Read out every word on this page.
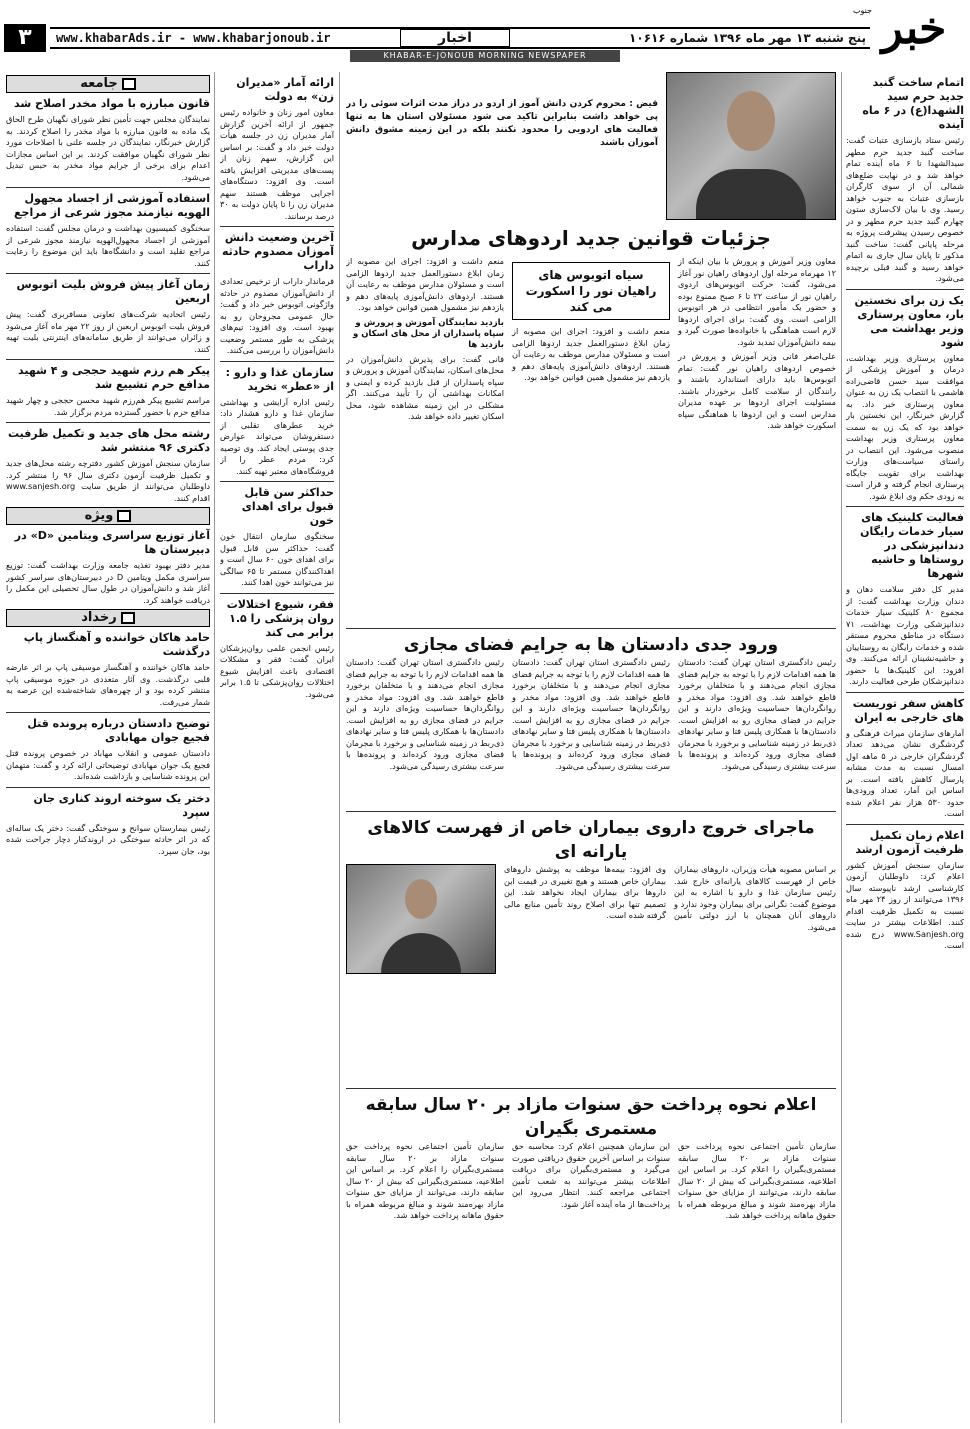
خبر
جنوب
پنج شنبه ۱۳ مهر ماه ۱۳۹۶ شماره ۱۰۶۱۶
اخبار
www.khabarAds.ir - www.khabarjonoub.ir
۳
KHABAR-E-JONOUB MORNING NEWSPAPER
اتمام ساخت گنبد جدید حرم سید الشهدا(ع) در ۶ ماه آینده
رئیس ستاد بازسازی عتبات گفت: ساخت گنبد جدید حرم مطهر سیدالشهدا تا ۶ ماه آینده تمام خواهد شد و در نهایت ضلع‌های شمالی آن از سوی کارگران بازسازی عتبات به جنوب خواهد رسید. وی با بیان لاک‌سازی ستون چهارم گنبد جدید حرم مطهر و در خصوص رسیدن پیشرفت پروژه به مرحله پایانی گفت: ساخت گنبد مذکور تا پایان سال جاری به اتمام خواهد رسید و گنبد قبلی برچیده می‌شود.
یک زن برای نخستین بار، معاون پرستاری وزیر بهداشت می شود
معاون پرستاری وزیر بهداشت، درمان و آموزش پزشکی از موافقت سید حسن قاضی‌زاده هاشمی با انتصاب یک زن به عنوان معاون پرستاری خبر داد. به گزارش خبرنگار، این نخستین بار خواهد بود که یک زن به سمت معاون پرستاری وزیر بهداشت منصوب می‌شود. این انتصاب در راستای سیاست‌های وزارت بهداشت برای تقویت جایگاه پرستاری انجام گرفته و قرار است به زودی حکم وی ابلاغ شود.
فعالیت کلینیک های سیار خدمات رایگان دندانپزشکی در روستاها و حاشیه شهرها
مدیر کل دفتر سلامت دهان و دندان وزارت بهداشت گفت: از مجموع ۸۰ کلینیک سیار خدمات دندانپزشکی وزارت بهداشت، ۷۱ دستگاه در مناطق محروم مستقر شده و خدمات رایگان به روستاییان و حاشیه‌نشینان ارائه می‌کنند. وی افزود: این کلینیک‌ها با حضور دندانپزشکان طرحی فعالیت دارند.
کاهش سفر توریست های خارجی به ایران
آمارهای سازمان میراث فرهنگی و گردشگری نشان می‌دهد تعداد گردشگران خارجی در ۵ ماهه اول امسال نسبت به مدت مشابه پارسال کاهش یافته است. بر اساس این آمار، تعداد ورودی‌ها حدود ۵۳۰ هزار نفر اعلام شده است.
اعلام زمان تکمیل ظرفیت آزمون ارشد
سازمان سنجش آموزش کشور اعلام کرد: داوطلبان آزمون کارشناسی ارشد ناپیوسته سال ۱۳۹۶ می‌توانند از روز ۲۴ مهر ماه نسبت به تکمیل ظرفیت اقدام کنند. اطلاعات بیشتر در سایت www.Sanjesh.org درج شده است.
قیض : محروم کردن دانش آموز از اردو در دراز مدت اثرات سوئی را در پی خواهد داشت بنابراین تاکید می شود مسئولان استان ها به تنها فعالیت های اردویی را محدود نکنند بلکه در این زمینه مشوق دانش آموزان باشند
جزئیات قوانین جدید اردوهای مدارس
معاون وزیر آموزش و پرورش با بیان اینکه از ۱۲ مهرماه مرحله اول اردوهای راهیان نور آغاز می‌شود، گفت: حرکت اتوبوس‌های اردوی راهیان نور از ساعت ۲۲ تا ۶ صبح ممنوع بوده و حضور یک مأمور انتظامی در هر اتوبوس الزامی است. وی گفت: برای اجرای اردوها لازم است هماهنگی با خانواده‌ها صورت گیرد و بیمه دانش‌آموزان تمدید شود.
علی‌اصغر فانی وزیر آموزش و پرورش در خصوص اردوهای راهیان نور گفت: تمام اتوبوس‌ها باید دارای استاندارد باشند و رانندگان از سلامت کامل برخوردار باشند. مسئولیت اجرای اردوها بر عهده مدیران مدارس است و این اردوها با هماهنگی سپاه اسکورت خواهد شد.
سیاه اتوبوس های راهیان نور را اسکورت می کند
منعم داشت و افزود: اجرای این مصوبه از زمان ابلاغ دستورالعمل جدید اردوها الزامی است و مسئولان مدارس موظف به رعایت آن هستند. اردوهای دانش‌آموزی پایه‌های دهم و یازدهم نیز مشمول همین قوانین خواهد بود.
منعم داشت و افزود: اجرای این مصوبه از زمان ابلاغ دستورالعمل جدید اردوها الزامی است و مسئولان مدارس موظف به رعایت آن هستند. اردوهای دانش‌آموزی پایه‌های دهم و یازدهم نیز مشمول همین قوانین خواهد بود.
بازدید نمایندگان آموزش و پرورش و سپاه پاسداران از محل های اسکان و بازدید ها
فانی گفت: برای پذیرش دانش‌آموزان در محل‌های اسکان، نمایندگان آموزش و پرورش و سپاه پاسداران از قبل بازدید کرده و ایمنی و امکانات بهداشتی آن را تأیید می‌کنند. اگر مشکلی در این زمینه مشاهده شود، محل اسکان تغییر داده خواهد شد.
ورود جدی دادستان ها به جرایم فضای مجازی
رئیس دادگستری استان تهران گفت: دادستان ها همه اقدامات لازم را با توجه به جرایم فضای مجازی انجام می‌دهند و با متخلفان برخورد قاطع خواهند شد. وی افزود: مواد مخدر و روانگردان‌ها حساسیت ویژه‌ای دارند و این جرایم در فضای مجازی رو به افزایش است. دادستان‌ها با همکاری پلیس فتا و سایر نهادهای ذی‌ربط در زمینه شناسایی و برخورد با مجرمان فضای مجازی ورود کرده‌اند و پرونده‌ها با سرعت بیشتری رسیدگی می‌شود.
رئیس دادگستری استان تهران گفت: دادستان ها همه اقدامات لازم را با توجه به جرایم فضای مجازی انجام می‌دهند و با متخلفان برخورد قاطع خواهند شد. وی افزود: مواد مخدر و روانگردان‌ها حساسیت ویژه‌ای دارند و این جرایم در فضای مجازی رو به افزایش است. دادستان‌ها با همکاری پلیس فتا و سایر نهادهای ذی‌ربط در زمینه شناسایی و برخورد با مجرمان فضای مجازی ورود کرده‌اند و پرونده‌ها با سرعت بیشتری رسیدگی می‌شود.
رئیس دادگستری استان تهران گفت: دادستان ها همه اقدامات لازم را با توجه به جرایم فضای مجازی انجام می‌دهند و با متخلفان برخورد قاطع خواهند شد. وی افزود: مواد مخدر و روانگردان‌ها حساسیت ویژه‌ای دارند و این جرایم در فضای مجازی رو به افزایش است. دادستان‌ها با همکاری پلیس فتا و سایر نهادهای ذی‌ربط در زمینه شناسایی و برخورد با مجرمان فضای مجازی ورود کرده‌اند و پرونده‌ها با سرعت بیشتری رسیدگی می‌شود.
ماجرای خروج داروی بیماران خاص از فهرست کالاهای یارانه ای
بر اساس مصوبه هیأت وزیران، داروهای بیماران خاص از فهرست کالاهای یارانه‌ای خارج شد. رئیس سازمان غذا و دارو با اشاره به این موضوع گفت: نگرانی برای بیماران وجود ندارد و داروهای آنان همچنان با ارز دولتی تأمین می‌شود.
وی افزود: بیمه‌ها موظف به پوشش داروهای بیماران خاص هستند و هیچ تغییری در قیمت این داروها برای بیماران ایجاد نخواهد شد. این تصمیم تنها برای اصلاح روند تأمین منابع مالی گرفته شده است.
اعلام نحوه پرداخت حق سنوات مازاد بر ۲۰ سال سابقه مستمری بگیران
سازمان تأمین اجتماعی نحوه پرداخت حق سنوات مازاد بر ۲۰ سال سابقه مستمری‌بگیران را اعلام کرد. بر اساس این اطلاعیه، مستمری‌بگیرانی که بیش از ۲۰ سال سابقه دارند، می‌توانند از مزایای حق سنوات مازاد بهره‌مند شوند و مبالغ مربوطه همراه با حقوق ماهانه پرداخت خواهد شد.
این سازمان همچنین اعلام کرد: محاسبه حق سنوات بر اساس آخرین حقوق دریافتی صورت می‌گیرد و مستمری‌بگیران برای دریافت اطلاعات بیشتر می‌توانند به شعب تأمین اجتماعی مراجعه کنند. انتظار می‌رود این پرداخت‌ها از ماه آینده آغاز شود.
سازمان تأمین اجتماعی نحوه پرداخت حق سنوات مازاد بر ۲۰ سال سابقه مستمری‌بگیران را اعلام کرد. بر اساس این اطلاعیه، مستمری‌بگیرانی که بیش از ۲۰ سال سابقه دارند، می‌توانند از مزایای حق سنوات مازاد بهره‌مند شوند و مبالغ مربوطه همراه با حقوق ماهانه پرداخت خواهد شد.
ارائه آمار «مدیران زن» به دولت
معاون امور زنان و خانواده رئیس جمهور از ارائه آخرین گزارش آمار مدیران زن در جلسه هیأت دولت خبر داد و گفت: بر اساس این گزارش، سهم زنان از پست‌های مدیریتی افزایش یافته است. وی افزود: دستگاه‌های اجرایی موظف هستند سهم مدیران زن را تا پایان دولت به ۳۰ درصد برسانند.
آخرین وضعیت دانش آموزان مصدوم حادثه داراب
فرماندار داراب از ترخیص تعدادی از دانش‌آموزان مصدوم در حادثه واژگونی اتوبوس خبر داد و گفت: حال عمومی مجروحان رو به بهبود است. وی افزود: تیم‌های پزشکی به طور مستمر وضعیت دانش‌آموزان را بررسی می‌کنند.
سازمان غذا و دارو : از «عطر» تخرید
رئیس اداره آرایشی و بهداشتی سازمان غذا و دارو هشدار داد: خرید عطرهای تقلبی از دستفروشان می‌تواند عوارض جدی پوستی ایجاد کند. وی توصیه کرد: مردم عطر را از فروشگاه‌های معتبر تهیه کنند.
حداکثر سن قابل قبول برای اهدای خون
سخنگوی سازمان انتقال خون گفت: حداکثر سن قابل قبول برای اهدای خون ۶۰ سال است و اهداکنندگان مستمر تا ۶۵ سالگی نیز می‌توانند خون اهدا کنند.
فقر، شیوع اختلالات روان پزشکی را ۱.۵ برابر می کند
رئیس انجمن علمی روان‌پزشکان ایران گفت: فقر و مشکلات اقتصادی باعث افزایش شیوع اختلالات روان‌پزشکی تا ۱.۵ برابر می‌شود.
جامعه
قانون مبارزه با مواد مخدر اصلاح شد
نمایندگان مجلس جهت تأمین نظر شورای نگهبان طرح الحاق یک ماده به قانون مبارزه با مواد مخدر را اصلاح کردند. به گزارش خبرنگار، نمایندگان در جلسه علنی با اصلاحات مورد نظر شورای نگهبان موافقت کردند. بر این اساس مجازات اعدام برای برخی از جرایم مواد مخدر به حبس تبدیل می‌شود.
استفاده آموزشی از اجساد مجهول الهویه نیازمند مجوز شرعی از مراجع
سخنگوی کمیسیون بهداشت و درمان مجلس گفت: استفاده آموزشی از اجساد مجهول‌الهویه نیازمند مجوز شرعی از مراجع تقلید است و دانشگاه‌ها باید این موضوع را رعایت کنند.
زمان آغاز پیش فروش بلیت اتوبوس اربعین
رئیس اتحادیه شرکت‌های تعاونی مسافربری گفت: پیش فروش بلیت اتوبوس اربعین از روز ۲۲ مهر ماه آغاز می‌شود و زائران می‌توانند از طریق سامانه‌های اینترنتی بلیت تهیه کنند.
پیکر هم رزم شهید حججی و ۴ شهید مدافع حرم تشییع شد
مراسم تشییع پیکر هم‌رزم شهید محسن حججی و چهار شهید مدافع حرم با حضور گسترده مردم برگزار شد.
رشته محل های جدید و تکمیل ظرفیت دکتری ۹۶ منتشر شد
سازمان سنجش آموزش کشور دفترچه رشته محل‌های جدید و تکمیل ظرفیت آزمون دکتری سال ۹۶ را منتشر کرد. داوطلبان می‌توانند از طریق سایت www.sanjesh.org اقدام کنند.
ویژه
آغاز توزیع سراسری ویتامین «D» در دبیرستان ها
مدیر دفتر بهبود تغذیه جامعه وزارت بهداشت گفت: توزیع سراسری مکمل ویتامین D در دبیرستان‌های سراسر کشور آغاز شد و دانش‌آموزان در طول سال تحصیلی این مکمل را دریافت خواهند کرد.
رخداد
حامد هاکان خواننده و آهنگساز پاپ درگذشت
حامد هاکان خواننده و آهنگساز موسیقی پاپ بر اثر عارضه قلبی درگذشت. وی آثار متعددی در حوزه موسیقی پاپ منتشر کرده بود و از چهره‌های شناخته‌شده این عرصه به شمار می‌رفت.
توضیح دادستان درباره پرونده قتل فجیع جوان مهابادی
دادستان عمومی و انقلاب مهاباد در خصوص پرونده قتل فجیع یک جوان مهابادی توضیحاتی ارائه کرد و گفت: متهمان این پرونده شناسایی و بازداشت شده‌اند.
دختر یک سوخته اروند کناری جان سپرد
رئیس بیمارستان سوانح و سوختگی گفت: دختر یک ساله‌ای که در اثر حادثه سوختگی در اروندکنار دچار جراحت شده بود، جان سپرد.
